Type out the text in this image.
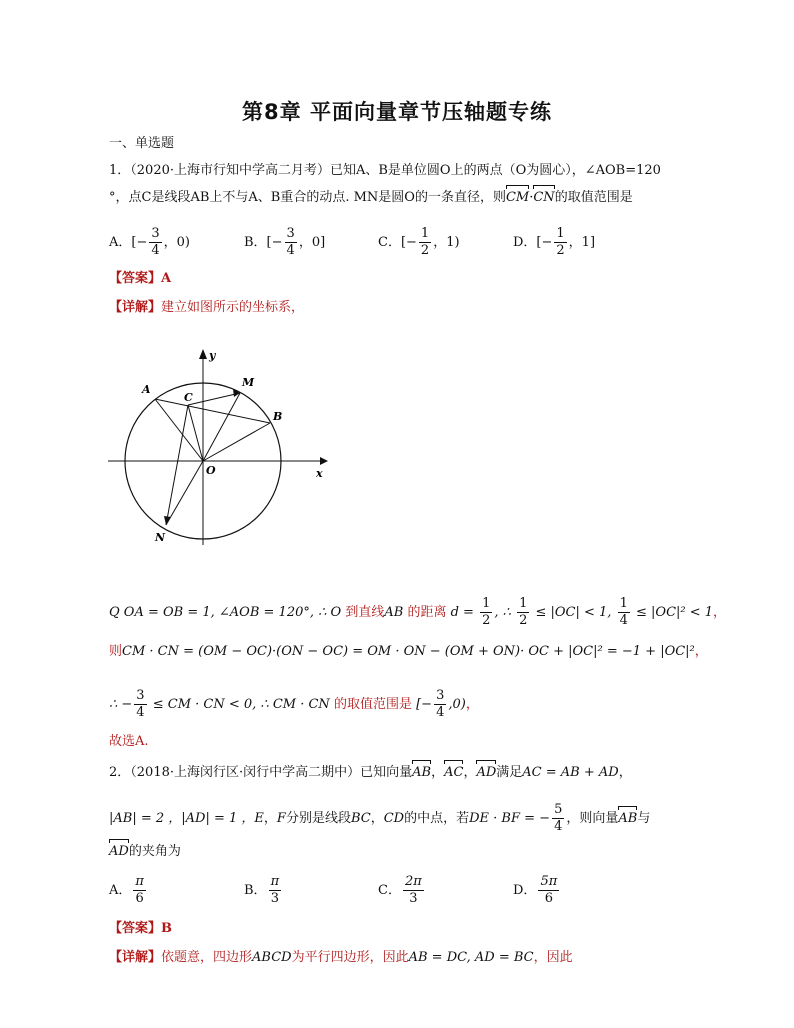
第8章 平面向量章节压轴题专练
一、单选题
1．（2020·上海市行知中学高二月考）已知A、B是单位圆O上的两点（O为圆心），∠AOB=120
°，点C是线段AB上不与A、B重合的动点. MN是圆O的一条直径，则CM·CN的取值范围是
A．[− $\frac{3}{4}$ ，0)	B．[− $\frac{3}{4}$ ，0]	C．[− $\frac{1}{2}$ ，1)	D．[− $\frac{1}{2}$ ，1]
【答案】A
【详解】建立如图所示的坐标系，
A
M
C
B
O
N
x
y
Q OA = OB = 1, ∠AOB = 120°, ∴ O 到直线AB 的距离 $d = \frac{1}{2}$ , ∴ $\frac{1}{2} \le |OC| < 1$, $\frac{1}{4} \le |OC|^2 < 1$，
则CM · CN = (OM − OC)·(ON − OC) = OM · ON − (OM + ON)· OC + |OC|² = −1 + |OC|²，
∴ − $\frac{3}{4}$ ≤ CM · CN < 0, ∴ CM · CN 的取值范围是 [− $\frac{3}{4} ,0$)，
故选A.
2．（2018·上海闵行区·闵行中学高二期中）已知向量AB，AC，AD满足AC = AB + AD，
|AB| = 2 ，|AD| = 1 ，E，F分别是线段BC，CD的中点，若DE · BF = − $\frac{5}{4}$ ，则向量AB与
AD的夹角为
A． $\frac{\pi}{6}$	B． $\frac{\pi}{3}$	C． $\frac{2\pi}{3}$	D． $\frac{5\pi}{6}$
【答案】B
【详解】依题意，四边形ABCD为平行四边形，因此AB = DC, AD = BC，因此
